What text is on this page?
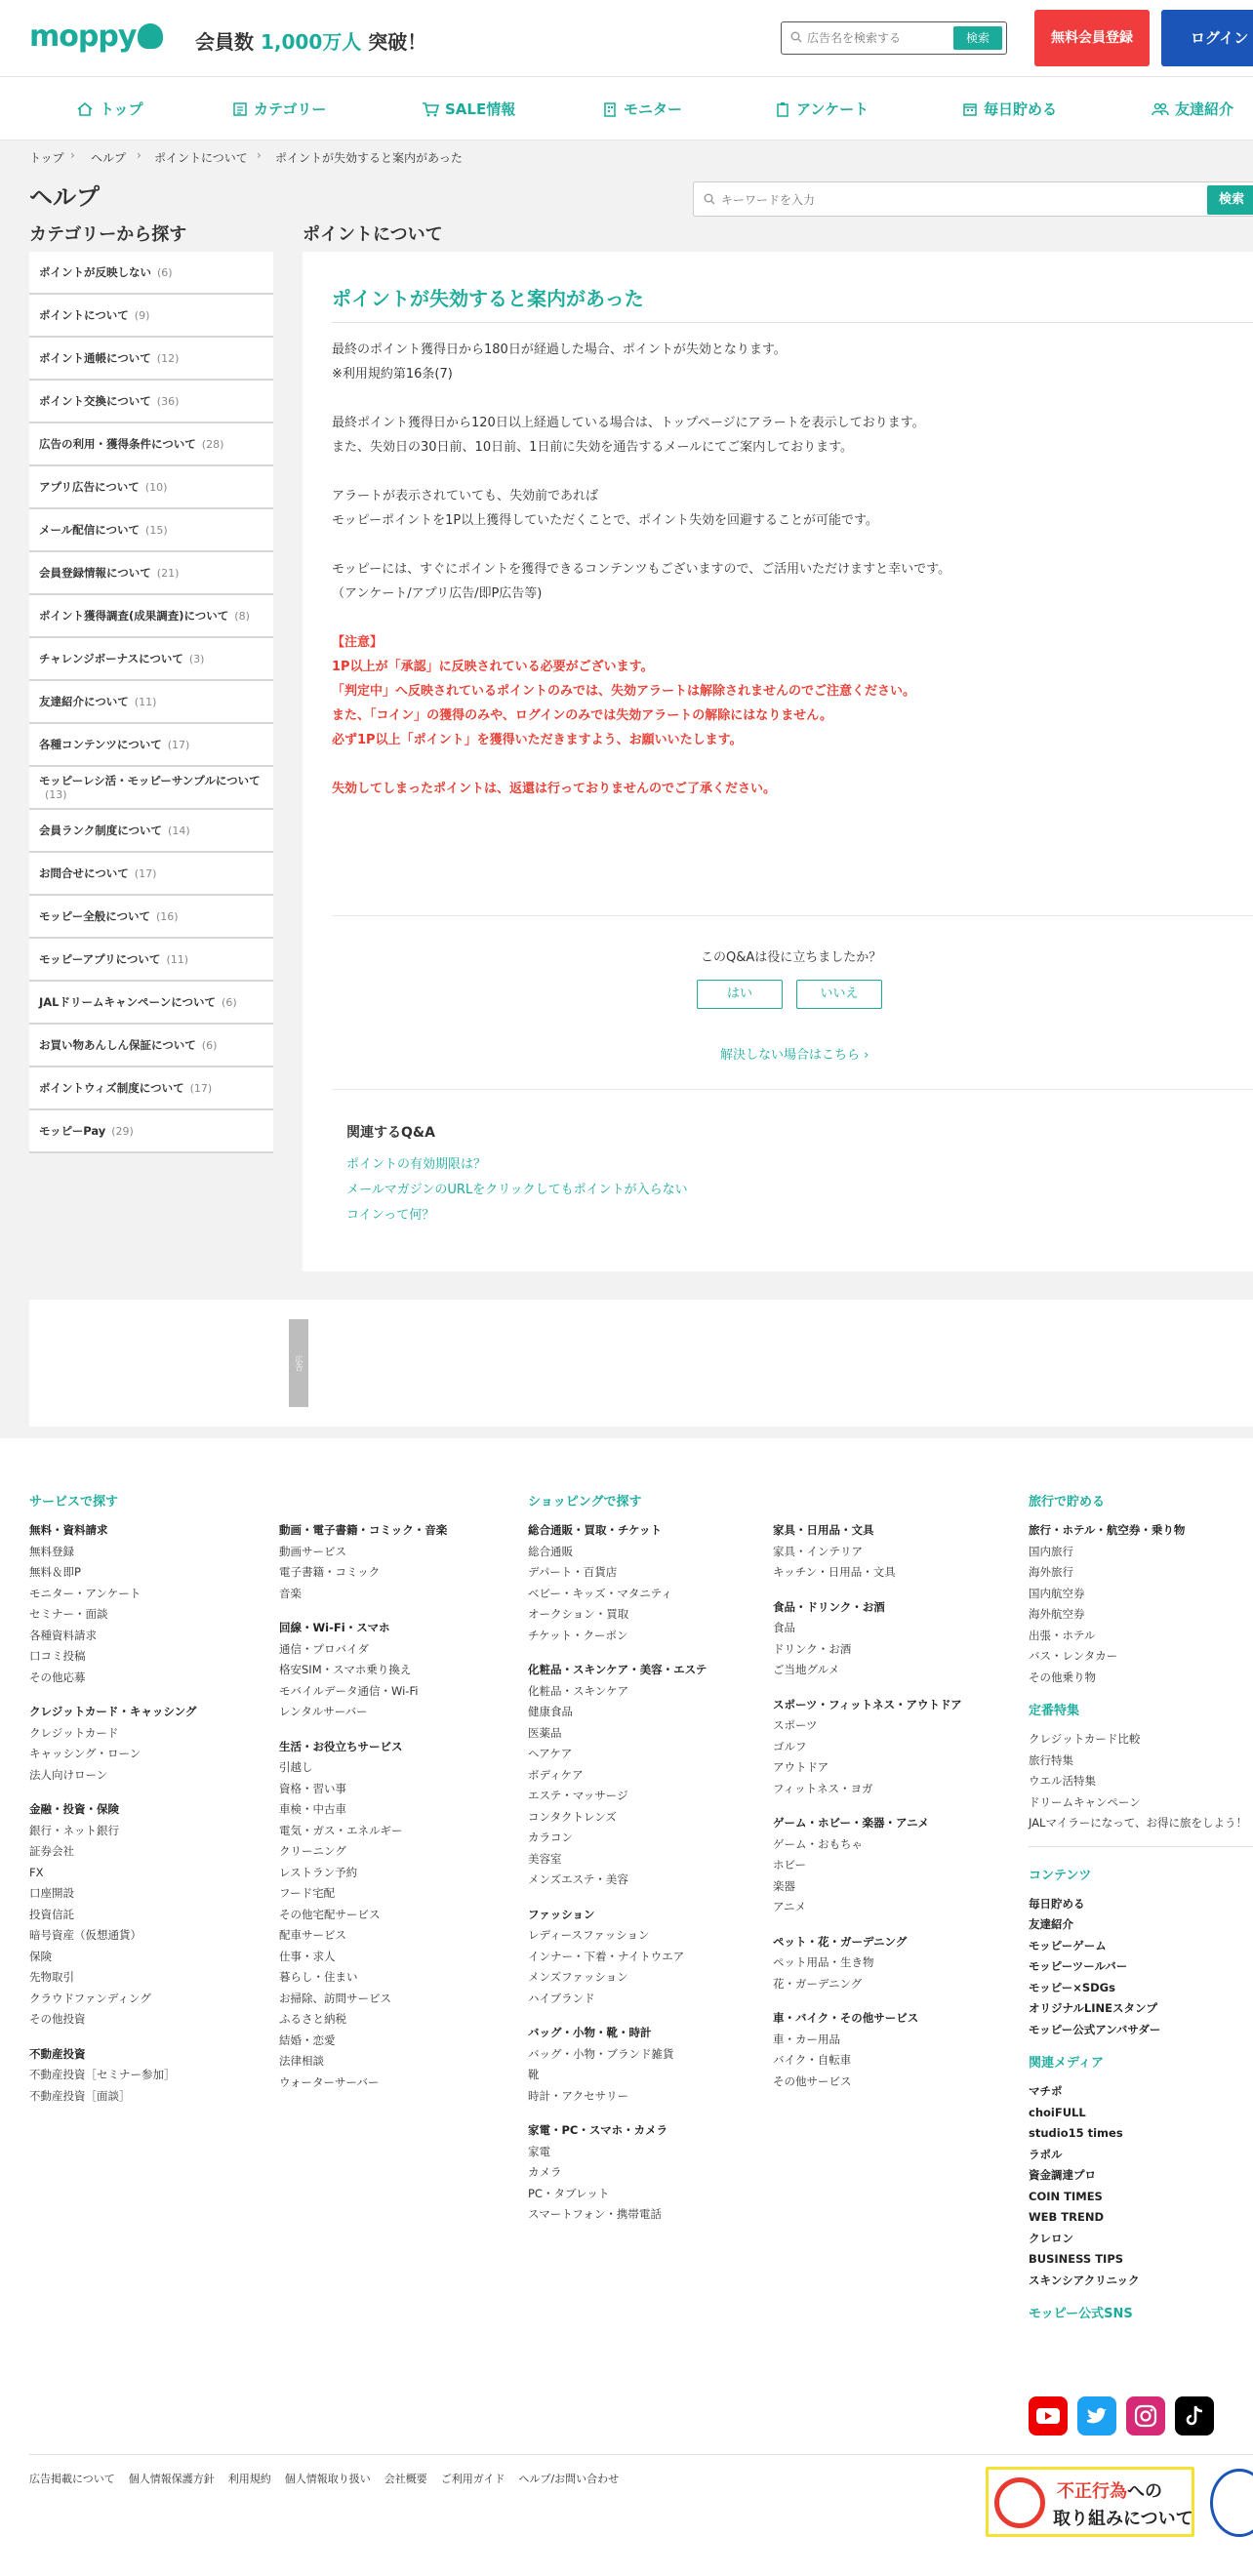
moppy	会員数 1,000万人 突破！
広告名を検索する	検索	無料会員登録	ログイン
トップ	カテゴリー	SALE情報	モニター	アンケート	毎日貯める	友達紹介
トップ › ヘルプ › ポイントについて › ポイントが失効すると案内があった
ヘルプ
キーワードを入力	検索
カテゴリーから探す
ポイントが反映しない (6)
ポイントについて (9)
ポイント通帳について (12)
ポイント交換について (36)
広告の利用・獲得条件について (28)
アプリ広告について (10)
メール配信について (15)
会員登録情報について (21)
ポイント獲得調査(成果調査)について (8)
チャレンジボーナスについて (3)
友達紹介について (11)
各種コンテンツについて (17)
モッピーレシ活・モッピーサンプルについて(13)
会員ランク制度について (14)
お問合せについて (17)
モッピー全般について (16)
モッピーアプリについて (11)
JALドリームキャンペーンについて (6)
お買い物あんしん保証について (6)
ポイントウィズ制度について (17)
モッピーPay (29)
ポイントについて
ポイントが失効すると案内があった
最終のポイント獲得日から180日が経過した場合、ポイントが失効となります。
※利用規約第16条(7)
最終ポイント獲得日から120日以上経過している場合は、トップページにアラートを表示しております。
また、失効日の30日前、10日前、1日前に失効を通告するメールにてご案内しております。
アラートが表示されていても、失効前であれば
モッピーポイントを1P以上獲得していただくことで、ポイント失効を回避することが可能です。
モッピーには、すぐにポイントを獲得できるコンテンツもございますので、ご活用いただけますと幸いです。
（アンケート/アプリ広告/即P広告等)
【注意】
1P以上が「承認」に反映されている必要がございます。
「判定中」へ反映されているポイントのみでは、失効アラートは解除されませんのでご注意ください。
また、「コイン」の獲得のみや、ログインのみでは失効アラートの解除にはなりません。
必ず1P以上「ポイント」を獲得いただきますよう、お願いいたします。
失効してしまったポイントは、返還は行っておりませんのでご了承ください。
このQ&Aは役に立ちましたか？
はい	いいえ
解決しない場合はこちら ›
関連するQ&A
ポイントの有効期限は？
メールマガジンのURLをクリックしてもポイントが入らない
コインって何？
広告
サービスで探す
無料・資料請求
無料登録
無料＆即P
モニター・アンケート
セミナー・面談
各種資料請求
口コミ投稿
その他応募
クレジットカード・キャッシング
クレジットカード
キャッシング・ローン
法人向けローン
金融・投資・保険
銀行・ネット銀行
証券会社
FX
口座開設
投資信託
暗号資産（仮想通貨）
保険
先物取引
クラウドファンディング
その他投資
不動産投資
不動産投資［セミナー参加］
不動産投資［面談］
動画・電子書籍・コミック・音楽
動画サービス
電子書籍・コミック
音楽
回線・Wi-Fi・スマホ
通信・プロバイダ
格安SIM・スマホ乗り換え
モバイルデータ通信・Wi-Fi
レンタルサーバー
生活・お役立ちサービス
引越し
資格・習い事
車検・中古車
電気・ガス・エネルギー
クリーニング
レストラン予約
フード宅配
その他宅配サービス
配車サービス
仕事・求人
暮らし・住まい
お掃除、訪問サービス
ふるさと納税
結婚・恋愛
法律相談
ウォーターサーバー
ショッピングで探す
総合通販・買取・チケット
総合通販
デパート・百貨店
ベビー・キッズ・マタニティ
オークション・買取
チケット・クーポン
化粧品・スキンケア・美容・エステ
化粧品・スキンケア
健康食品
医薬品
ヘアケア
ボディケア
エステ・マッサージ
コンタクトレンズ
カラコン
美容室
メンズエステ・美容
ファッション
レディースファッション
インナー・下着・ナイトウエア
メンズファッション
ハイブランド
バッグ・小物・靴・時計
バッグ・小物・ブランド雑貨
靴
時計・アクセサリー
家電・PC・スマホ・カメラ
家電
カメラ
PC・タブレット
スマートフォン・携帯電話
家具・日用品・文具
家具・インテリア
キッチン・日用品・文具
食品・ドリンク・お酒
食品
ドリンク・お酒
ご当地グルメ
スポーツ・フィットネス・アウトドア
スポーツ
ゴルフ
アウトドア
フィットネス・ヨガ
ゲーム・ホビー・楽器・アニメ
ゲーム・おもちゃ
ホビー
楽器
アニメ
ペット・花・ガーデニング
ペット用品・生き物
花・ガーデニング
車・バイク・その他サービス
車・カー用品
バイク・自転車
その他サービス
旅行で貯める
旅行・ホテル・航空券・乗り物
国内旅行
海外旅行
国内航空券
海外航空券
出張・ホテル
バス・レンタカー
その他乗り物
定番特集
クレジットカード比較
旅行特集
ウエル活特集
ドリームキャンペーン
JALマイラーになって、お得に旅をしよう！
コンテンツ
毎日貯める
友達紹介
モッピーゲーム
モッピーツールバー
モッピー×SDGs
オリジナルLINEスタンプ
モッピー公式アンバサダー
関連メディア
マチポ
choiFULL
studio15 times
ラポル
資金調達プロ
COIN TIMES
WEB TREND
クレロン
BUSINESS TIPS
スキンシアクリニック
モッピー公式SNS
広告掲載について 個人情報保護方針 利用規約 個人情報取り扱い 会社概要 ご利用ガイド ヘルプ/お問い合わせ
不正行為への
取り組みについて
